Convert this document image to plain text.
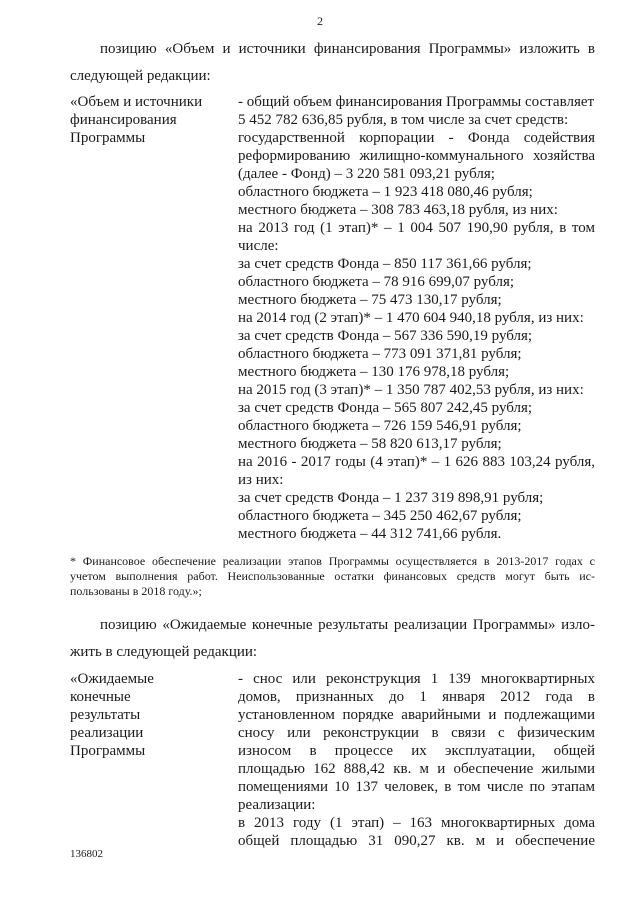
2
позицию «Объем и источники финансирования Программы» изложить в
следующей редакции:
«Объем и источники
финансирования
Программы
- общий объем финансирования Программы составляет
5 452 782 636,85 рубля, в том числе за счет средств:
государственной корпорации - Фонда содействия
реформированию жилищно-коммунального хозяйства
(далее - Фонд) – 3 220 581 093,21 рубля;
областного бюджета – 1 923 418 080,46 рубля;
местного бюджета – 308 783 463,18 рубля, из них:
на 2013 год (1 этап)* – 1 004 507 190,90 рубля, в том
числе:
за счет средств Фонда – 850 117 361,66 рубля;
областного бюджета – 78 916 699,07 рубля;
местного бюджета – 75 473 130,17 рубля;
на 2014 год (2 этап)* – 1 470 604 940,18 рубля, из них:
за счет средств Фонда – 567 336 590,19 рубля;
областного бюджета – 773 091 371,81 рубля;
местного бюджета – 130 176 978,18 рубля;
на 2015 год (3 этап)* – 1 350 787 402,53 рубля, из них:
за счет средств Фонда – 565 807 242,45 рубля;
областного бюджета – 726 159 546,91 рубля;
местного бюджета – 58 820 613,17 рубля;
на 2016 - 2017 годы (4 этап)* – 1 626 883 103,24 рубля,
из них:
за счет средств Фонда – 1 237 319 898,91 рубля;
областного бюджета – 345 250 462,67 рубля;
местного бюджета – 44 312 741,66 рубля.
* Финансовое обеспечение реализации этапов Программы осуществляется в 2013-2017 годах с
учетом выполнения работ. Неиспользованные остатки финансовых средств могут быть ис-
пользованы в 2018 году.»;
позицию «Ожидаемые конечные результаты реализации Программы» изло-
жить в следующей редакции:
«Ожидаемые
конечные
результаты
реализации
Программы
- снос или реконструкция 1 139 многоквартирных
домов, признанных до 1 января 2012 года в
установленном порядке аварийными и подлежащими
сносу или реконструкции в связи с физическим
износом в процессе их эксплуатации, общей
площадью 162 888,42 кв. м и обеспечение жилыми
помещениями 10 137 человек, в том числе по этапам
реализации:
в 2013 году (1 этап) – 163 многоквартирных дома
общей площадью 31 090,27 кв. м и обеспечение
136802
